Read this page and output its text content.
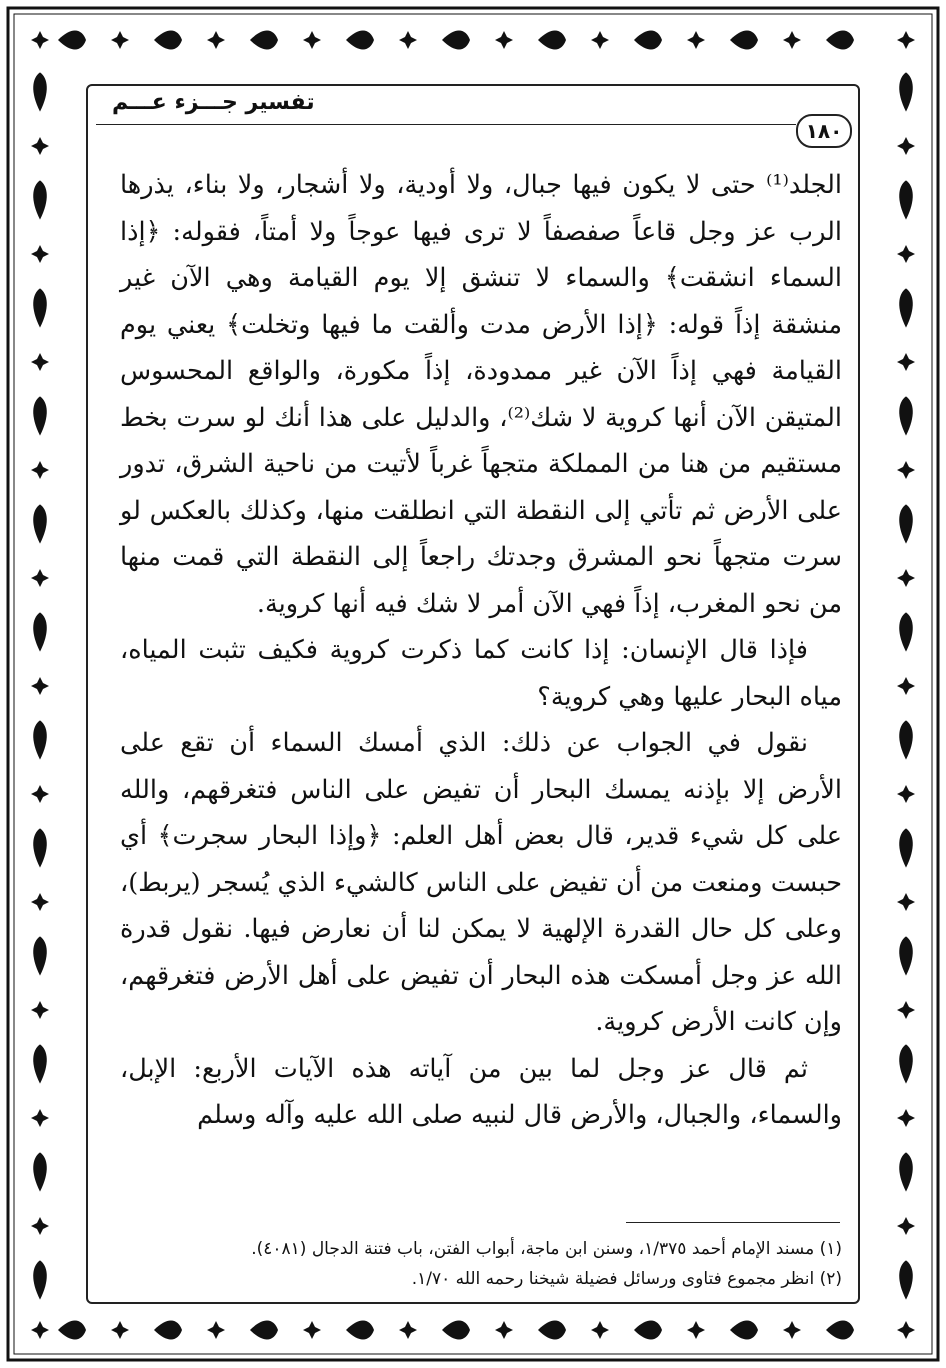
تفسير جـــزء عـــم
١٨٠

الجلد⁽¹⁾ حتى لا يكون فيها جبال، ولا أودية، ولا أشجار، ولا بناء، يذرها الرب عز وجل قاعاً صفصفاً لا ترى فيها عوجاً ولا أمتاً، فقوله: ﴿إذا السماء انشقت﴾ والسماء لا تنشق إلا يوم القيامة وهي الآن غير منشقة إذاً قوله: ﴿إذا الأرض مدت وألقت ما فيها وتخلت﴾ يعني يوم القيامة فهي إذاً الآن غير ممدودة، إذاً مكورة، والواقع المحسوس المتيقن الآن أنها كروية لا شك⁽²⁾، والدليل على هذا أنك لو سرت بخط مستقيم من هنا من المملكة متجهاً غرباً لأتيت من ناحية الشرق، تدور على الأرض ثم تأتي إلى النقطة التي انطلقت منها، وكذلك بالعكس لو سرت متجهاً نحو المشرق وجدتك راجعاً إلى النقطة التي قمت منها من نحو المغرب، إذاً فهي الآن أمر لا شك فيه أنها كروية.

فإذا قال الإنسان: إذا كانت كما ذكرت كروية فكيف تثبت المياه، مياه البحار عليها وهي كروية؟

نقول في الجواب عن ذلك: الذي أمسك السماء أن تقع على الأرض إلا بإذنه يمسك البحار أن تفيض على الناس فتغرقهم، والله على كل شيء قدير، قال بعض أهل العلم: ﴿وإذا البحار سجرت﴾ أي حبست ومنعت من أن تفيض على الناس كالشيء الذي يُسجر (يربط)، وعلى كل حال القدرة الإلهية لا يمكن لنا أن نعارض فيها. نقول قدرة الله عز وجل أمسكت هذه البحار أن تفيض على أهل الأرض فتغرقهم، وإن كانت الأرض كروية.

ثم قال عز وجل لما بين من آياته هذه الآيات الأربع: الإبل، والسماء، والجبال، والأرض قال لنبيه صلى الله عليه وآله وسلم

(١) مسند الإمام أحمد ١/٣٧٥، وسنن ابن ماجة، أبواب الفتن، باب فتنة الدجال (٤٠٨١).

(٢) انظر مجموع فتاوى ورسائل فضيلة شيخنا رحمه الله ١/٧٠.
